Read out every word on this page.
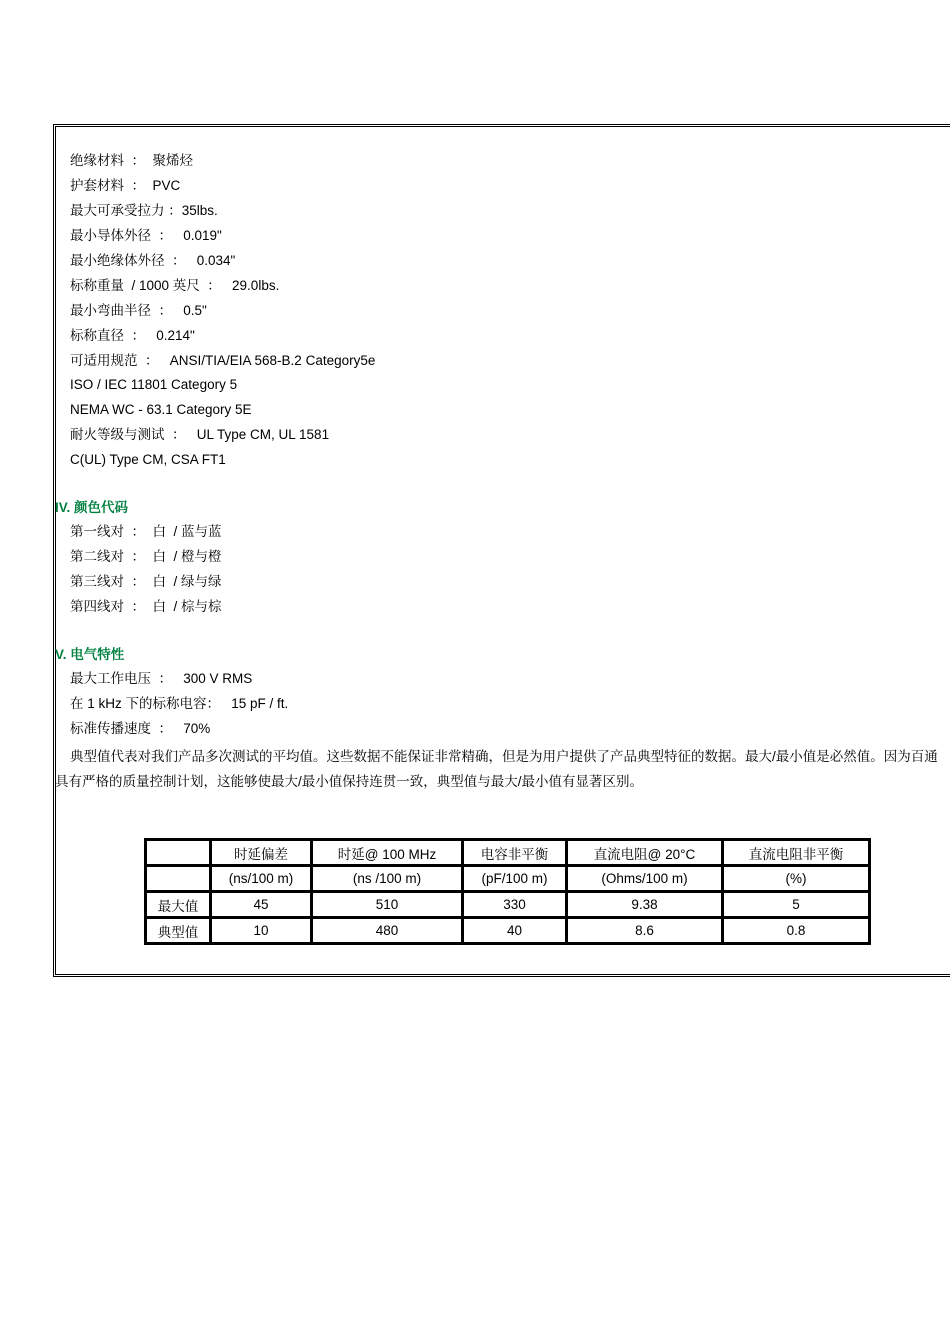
绝缘材料  ：  聚烯烃
护套材料  ：  PVC
最大可承受拉力 ：35lbs.
最小导体外径  ：   0.019"
最小绝缘体外径  ：   0.034"
标称重量  / 1000 英尺  ：   29.0lbs.
最小弯曲半径  ：   0.5"
标称直径  ：   0.214"
可适用规范  ：   ANSI/TIA/EIA 568-B.2 Category5e
ISO / IEC 11801 Category 5
NEMA WC - 63.1 Category 5E
耐火等级与测试  ：   UL Type CM, UL 1581
C(UL) Type CM, CSA FT1
IV. 颜色代码
第一线对  ：  白  / 蓝与蓝
第二线对  ：  白  / 橙与橙
第三线对  ：  白  / 绿与绿
第四线对  ：  白  / 棕与棕
V. 电气特性
最大工作电压  ：   300 V RMS
在 1 kHz 下的标称电容：   15 pF / ft.
标准传播速度  ：   70%
典型值代表对我们产品多次测试的平均值。这些数据不能保证非常精确，但是为用户提供了产品典型特征的数据。最大/最小值是必然值。因为百通具有严格的质量控制计划，这能够使最大/最小值保持连贯一致，典型值与最大/最小值有显著区别。
	时延偏差	时延@ 100 MHz	电容非平衡	直流电阻@ 20°C	直流电阻非平衡
	(ns/100 m)	(ns /100 m)	(pF/100 m)	(Ohms/100 m)	(%)
最大值	45	510	330	9.38	5
典型值	10	480	40	8.6	0.8
